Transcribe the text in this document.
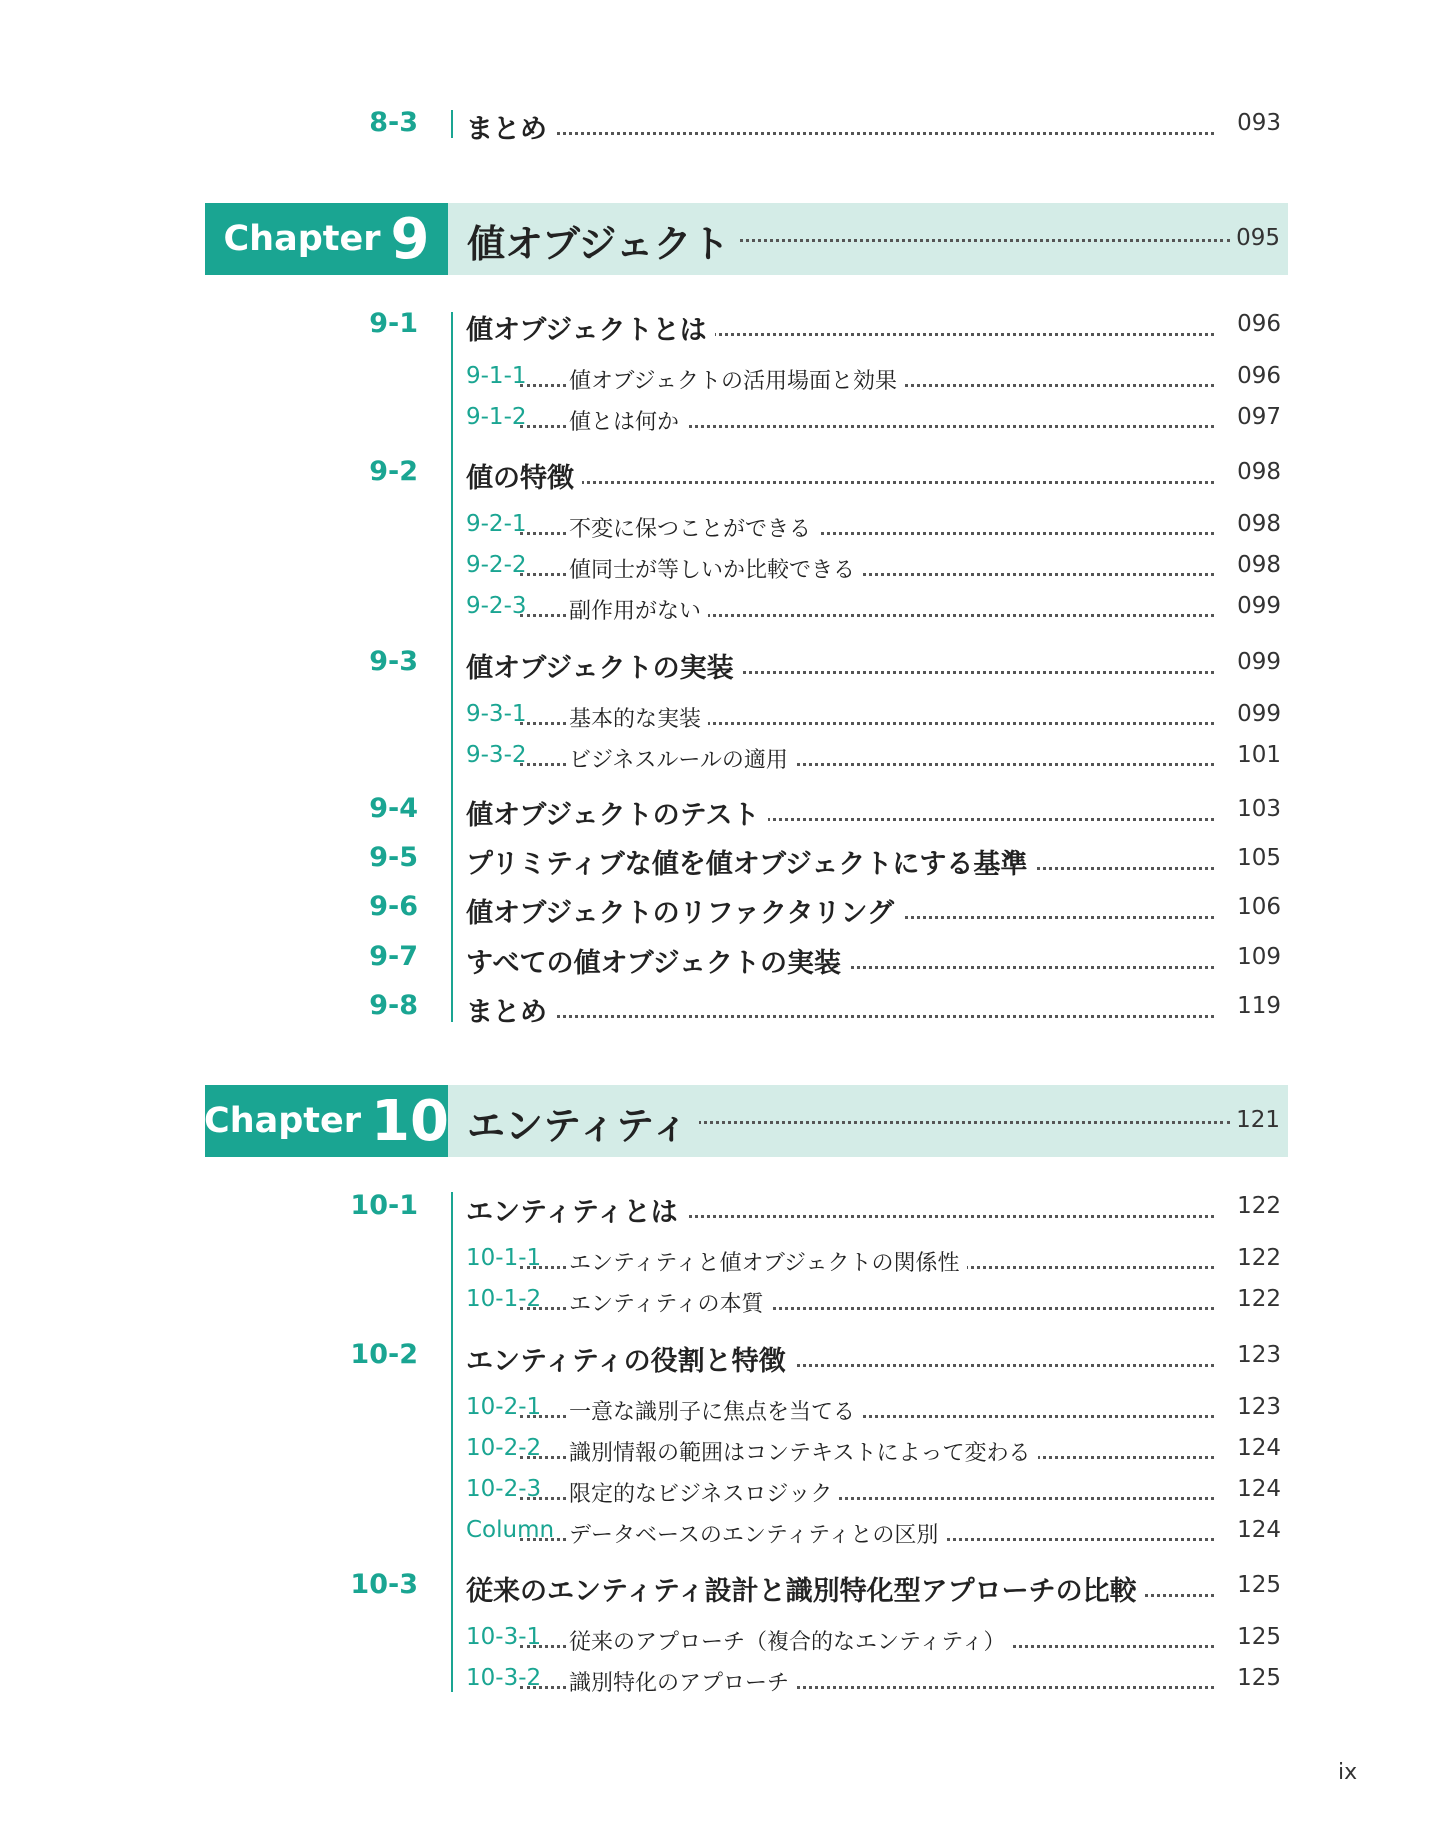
8-3 まとめ	093
Chapter 9 値オブジェクト	095
9-1 値オブジェクトとは	096
9-1-1 値オブジェクトの活用場面と効果	096
9-1-2 値とは何か	097
9-2 値の特徴	098
9-2-1 不変に保つことができる	098
9-2-2 値同士が等しいか比較できる	098
9-2-3 副作用がない	099
9-3 値オブジェクトの実装	099
9-3-1 基本的な実装	099
9-3-2 ビジネスルールの適用	101
9-4 値オブジェクトのテスト	103
9-5 プリミティブな値を値オブジェクトにする基準	105
9-6 値オブジェクトのリファクタリング	106
9-7 すべての値オブジェクトの実装	109
9-8 まとめ	119
Chapter 10 エンティティ	121
10-1 エンティティとは	122
10-1-1 エンティティと値オブジェクトの関係性	122
10-1-2 エンティティの本質	122
10-2 エンティティの役割と特徴	123
10-2-1 一意な識別子に焦点を当てる	123
10-2-2 識別情報の範囲はコンテキストによって変わる	124
10-2-3 限定的なビジネスロジック	124
Column データベースのエンティティとの区別	124
10-3 従来のエンティティ設計と識別特化型アプローチの比較	125
10-3-1 従来のアプローチ（複合的なエンティティ）	125
10-3-2 識別特化のアプローチ	125
ix
